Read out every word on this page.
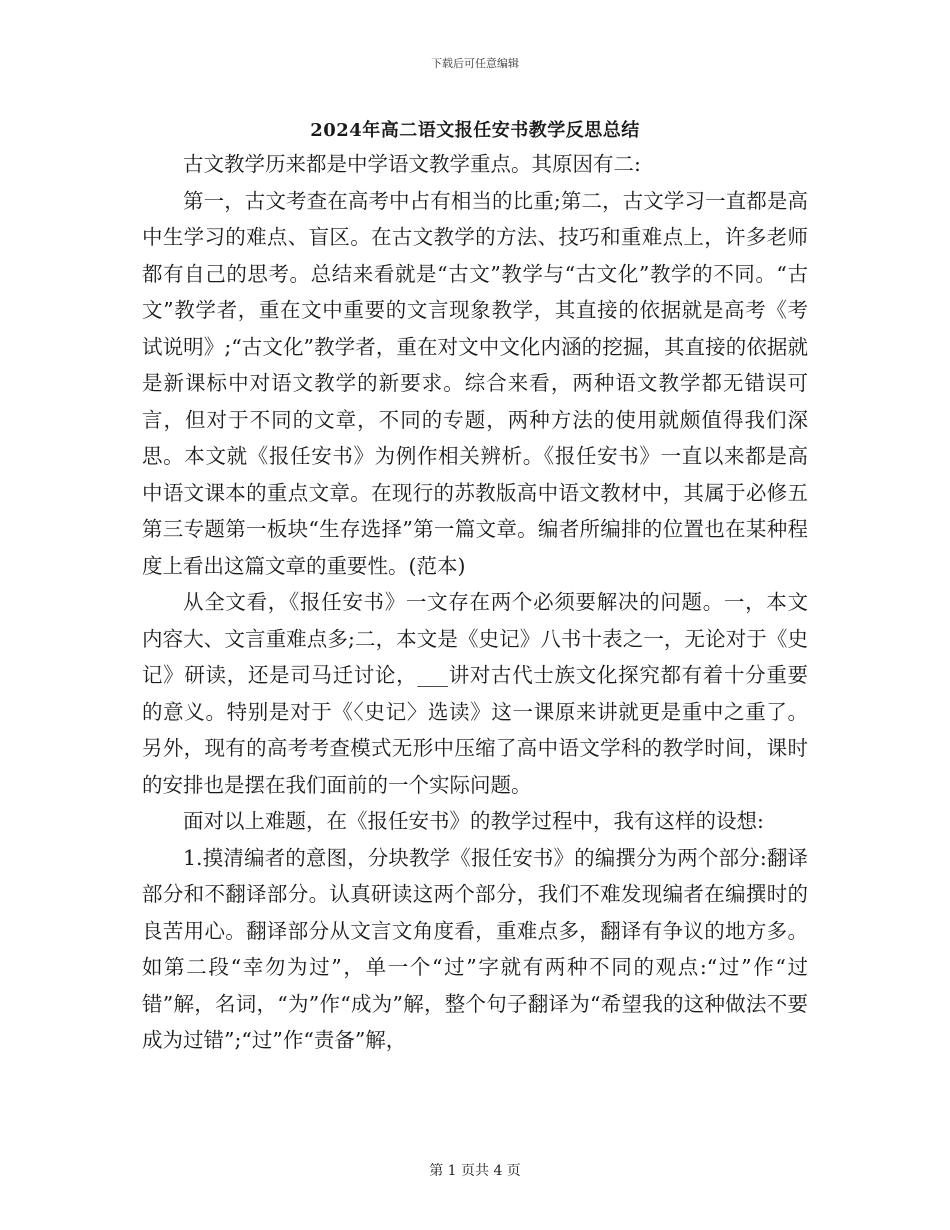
下载后可任意编辑
2024年高二语文报任安书教学反思总结

古文教学历来都是中学语文教学重点。其原因有二:

第一，古文考查在高考中占有相当的比重;第二，古文学习一直都是高中生学习的难点、盲区。在古文教学的方法、技巧和重难点上，许多老师都有自己的思考。总结来看就是“古文”教学与“古文化”教学的不同。“古文”教学者，重在文中重要的文言现象教学，其直接的依据就是高考《考试说明》;“古文化”教学者，重在对文中文化内涵的挖掘，其直接的依据就是新课标中对语文教学的新要求。综合来看，两种语文教学都无错误可言，但对于不同的文章，不同的专题，两种方法的使用就颇值得我们深思。本文就《报任安书》为例作相关辨析。《报任安书》一直以来都是高中语文课本的重点文章。在现行的苏教版高中语文教材中，其属于必修五第三专题第一板块“生存选择”第一篇文章。编者所编排的位置也在某种程度上看出这篇文章的重要性。(范本)

从全文看，《报任安书》一文存在两个必须要解决的问题。一，本文内容大、文言重难点多;二，本文是《史记》八书十表之一，无论对于《史记》研读，还是司马迁讨论，___讲对古代士族文化探究都有着十分重要的意义。特别是对于《〈史记〉选读》这一课原来讲就更是重中之重了。另外，现有的高考考查模式无形中压缩了高中语文学科的教学时间，课时的安排也是摆在我们面前的一个实际问题。

面对以上难题，在《报任安书》的教学过程中，我有这样的设想:

1.摸清编者的意图，分块教学《报任安书》的编撰分为两个部分:翻译部分和不翻译部分。认真研读这两个部分，我们不难发现编者在编撰时的良苦用心。翻译部分从文言文角度看，重难点多，翻译有争议的地方多。如第二段“幸勿为过”，单一个“过”字就有两种不同的观点:“过”作“过错”解，名词，“为”作“成为”解，整个句子翻译为“希望我的这种做法不要成为过错”;“过”作“责备”解，

第 1 页共 4 页
